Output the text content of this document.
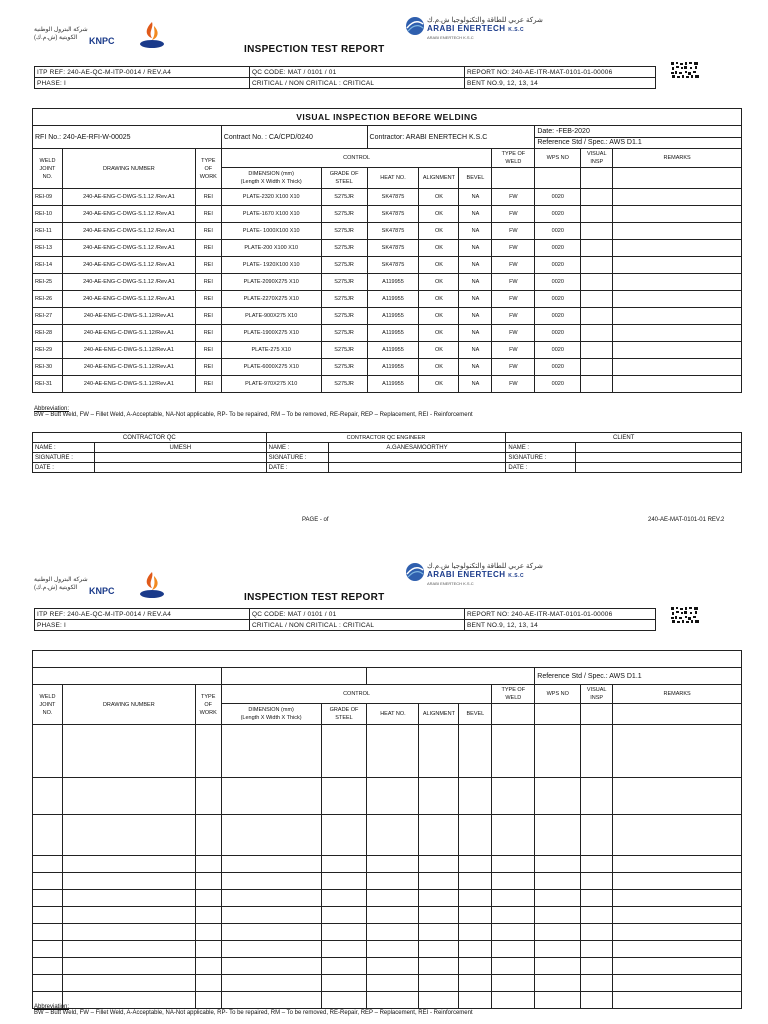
شركة البترول الوطنية الكويتية (ش.م.ك)	KNPC
شركة عربي للطاقة والتكنولوجيا ش.م.ك
ARABI ENERTECH K.S.C
ARABI ENERTECH K.S.C
INSPECTION TEST REPORT
ITP REF: 240-AE-QC-M-ITP-0014 / REV.A4	QC CODE: MAT / 0101 / 01	REPORT NO: 240-AE-ITR-MAT-0101-01-00006
PHASE: I	CRITICAL / NON CRITICAL : CRITICAL	BENT NO.9, 12, 13, 14
VISUAL INSPECTION BEFORE WELDING											
RFI No.: 240-AE-RFI-W-00025			Contract No. : CA/CPD/0240		Contractor: ARABI ENERTECH K.S.C				Date: -FEB-2020		
									Reference Std / Spec.: AWS D1.1		
WELD JOINT NO.	DRAWING NUMBER	TYPE OF WORK	CONTROL					TYPE OF WELD	WPS NO	VISUAL INSP	REMARKS
			DIMENSION (mm)
(Length X Width X Thick)	GRADE OF STEEL	HEAT NO.	ALIGNMENT	BEVEL				
REI-09	240-AE-ENG-C-DWG-S.1.12 /Rev.A1	REI	PLATE-2320 X100 X10	S275JR	SK47875	OK	NA	FW	0020		
REI-10	240-AE-ENG-C-DWG-S.1.12 /Rev.A1	REI	PLATE-1670 X100 X10	S275JR	SK47875	OK	NA	FW	0020		
REI-11	240-AE-ENG-C-DWG-S.1.12 /Rev.A1	REI	PLATE- 1000X100 X10	S275JR	SK47875	OK	NA	FW	0020		
REI-13	240-AE-ENG-C-DWG-S.1.12 /Rev.A1	REI	PLATE-200 X100 X10	S275JR	SK47875	OK	NA	FW	0020		
REI-14	240-AE-ENG-C-DWG-S.1.12 /Rev.A1	REI	PLATE- 1920X100 X10	S275JR	SK47875	OK	NA	FW	0020		
REI-25	240-AE-ENG-C-DWG-S.1.12 /Rev.A1	REI	PLATE-2090X275 X10	S275JR	A119955	OK	NA	FW	0020		
REI-26	240-AE-ENG-C-DWG-S.1.12 /Rev.A1	REI	PLATE-2270X275 X10	S275JR	A119955	OK	NA	FW	0020		
REI-27	240-AE-ENG-C-DWG-S.1.12/Rev.A1	REI	PLATE-900X275 X10	S275JR	A119955	OK	NA	FW	0020		
REI-28	240-AE-ENG-C-DWG-S.1.12/Rev.A1	REI	PLATE-1900X275 X10	S275JR	A119955	OK	NA	FW	0020		
REI-29	240-AE-ENG-C-DWG-S.1.12/Rev.A1	REI	PLATE-275 X10	S275JR	A119955	OK	NA	FW	0020		
REI-30	240-AE-ENG-C-DWG-S.1.12/Rev.A1	REI	PLATE-6000X275 X10	S275JR	A119955	OK	NA	FW	0020		
REI-31	240-AE-ENG-C-DWG-S.1.12/Rev.A1	REI	PLATE-970X275 X10	S275JR	A119955	OK	NA	FW	0020		
Abbreviation:
BW – Butt Weld, FW – Fillet Weld, A-Acceptable, NA-Not applicable, RP- To be repaired, RM – To be removed, RE-Repair, REP – Replacement, REI - Reinforcement
CONTRACTOR QC		CONTRACTOR QC ENGINEER		CLIENT	
NAME :	UMESH	NAME :	A.GANESAMOORTHY	NAME :	
SIGNATURE :		SIGNATURE :		SIGNATURE :	
DATE :		DATE :		DATE :	
PAGE - of	240-AE-MAT-0101-01 REV.2
شركة البترول الوطنية الكويتية (ش.م.ك)	KNPC
شركة عربي للطاقة والتكنولوجيا ش.م.ك
ARABI ENERTECH K.S.C
ARABI ENERTECH K.S.C
INSPECTION TEST REPORT
ITP REF: 240-AE-QC-M-ITP-0014 / REV.A4	QC CODE: MAT / 0101 / 01	REPORT NO: 240-AE-ITR-MAT-0101-01-00006
PHASE: I	CRITICAL / NON CRITICAL : CRITICAL	BENT NO.9, 12, 13, 14

									Reference Std / Spec.: AWS D1.1		
WELD JOINT NO.	DRAWING NUMBER	TYPE OF WORK	CONTROL					TYPE OF WELD	WPS NO	VISUAL INSP	REMARKS
			DIMENSION (mm)
(Length X Width X Thick)	GRADE OF STEEL	HEAT NO.	ALIGNMENT	BEVEL				

Abbreviation:
BW – Butt Weld, FW – Fillet Weld, A-Acceptable, NA-Not applicable, RP- To be repaired, RM – To be removed, RE-Repair, REP – Replacement, REI - Reinforcement
